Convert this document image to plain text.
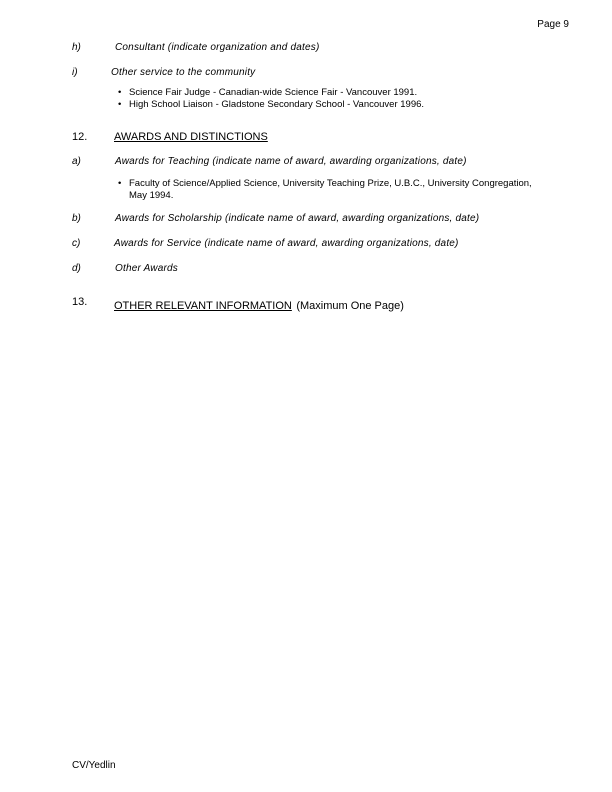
Page 9
h)	Consultant (indicate organization and dates)
i)	Other service to the community
• Science Fair Judge - Canadian-wide Science Fair - Vancouver 1991.
• High School Liaison - Gladstone Secondary School - Vancouver 1996.
12. AWARDS AND DISTINCTIONS
a)	Awards for Teaching (indicate name of award, awarding organizations, date)
• Faculty of Science/Applied Science, University Teaching Prize, U.B.C., University Congregation,
May 1994.
b)	Awards for Scholarship (indicate name of award, awarding organizations, date)
c)	Awards for Service (indicate name of award, awarding organizations, date)
d)	Other Awards
13. OTHER RELEVANT INFORMATION (Maximum One Page)
CV/Yedlin
